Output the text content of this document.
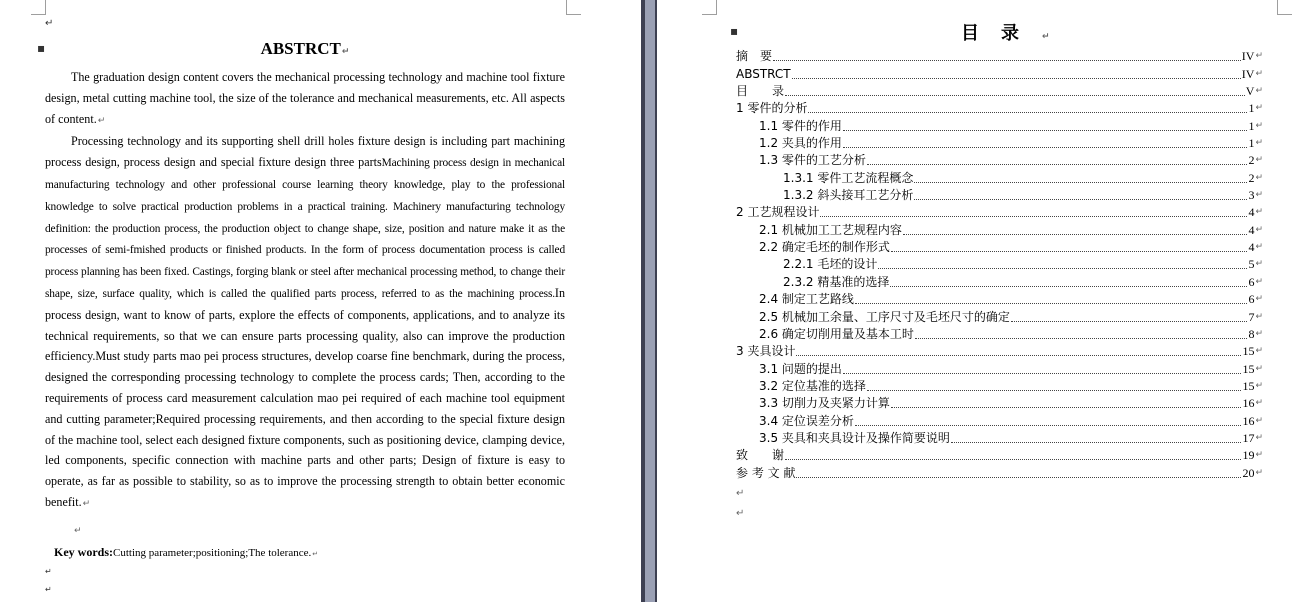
↵
▪	ABSTRCT↵

The graduation design content covers the mechanical processing technology and machine tool fixture design, metal cutting machine tool, the size of the tolerance and mechanical measurements, etc. All aspects of content.↵

Processing technology and its supporting shell drill holes fixture design is including part machining process design, process design and special fixture design three partsMachining process design in mechanical manufacturing technology and other professional course learning theory knowledge, play to the professional knowledge to solve practical production problems in a practical training. Machinery manufacturing technology definition: the production process, the production object to change shape, size, position and nature make it as the processes of semi-fmished products or finished products. In the form of process documentation process is called process planning has been fixed. Castings, forging blank or steel after mechanical processing method, to change their shape, size, surface quality, which is called the qualified parts process, referred to as the machining process.In process design, want to know of parts, explore the effects of components, applications, and to analyze its technical requirements, so that we can ensure parts processing quality, also can improve the production efficiency.Must study parts mao pei process structures, develop coarse fine benchmark, during the process, designed the corresponding processing technology to complete the process cards; Then, according to the requirements of process card measurement calculation mao pei required of each machine tool equipment and cutting parameter;Required processing requirements, and then according to the special fixture design of the machine tool, select each designed fixture components, such as positioning device, clamping device, led components, specific connection with machine parts and other parts; Design of fixture is easy to operate, as far as possible to stability, so as to improve the processing strength to obtain better economic benefit.↵

↵
Key words:Cutting parameter;positioning;The tolerance.↵
↵
↵
▪	目录↵
摘　要	IV ↵
ABSTRCT	IV ↵
目　　录	V ↵
1 零件的分析	1 ↵
1.1 零件的作用	1 ↵
1.2 夹具的作用	1 ↵
1.3 零件的工艺分析	2 ↵
1.3.1 零件工艺流程概念	2 ↵
1.3.2 斜头接耳工艺分析	3 ↵
2 工艺规程设计	4 ↵
2.1 机械加工工艺规程内容	4 ↵
2.2 确定毛坯的制作形式	4 ↵
2.2.1 毛坯的设计	5 ↵
2.3.2 精基准的选择	6 ↵
2.4 制定工艺路线	6 ↵
2.5 机械加工余量、工序尺寸及毛坯尺寸的确定	7 ↵
2.6 确定切削用量及基本工时	8 ↵
3 夹具设计	15 ↵
3.1 问题的提出	15 ↵
3.2 定位基准的选择	15 ↵
3.3 切削力及夹紧力计算	16 ↵
3.4 定位误差分析	16 ↵
3.5 夹具和夹具设计及操作简要说明	17 ↵
致　　谢	19 ↵
参 考 文 献	20 ↵
↵
↵
